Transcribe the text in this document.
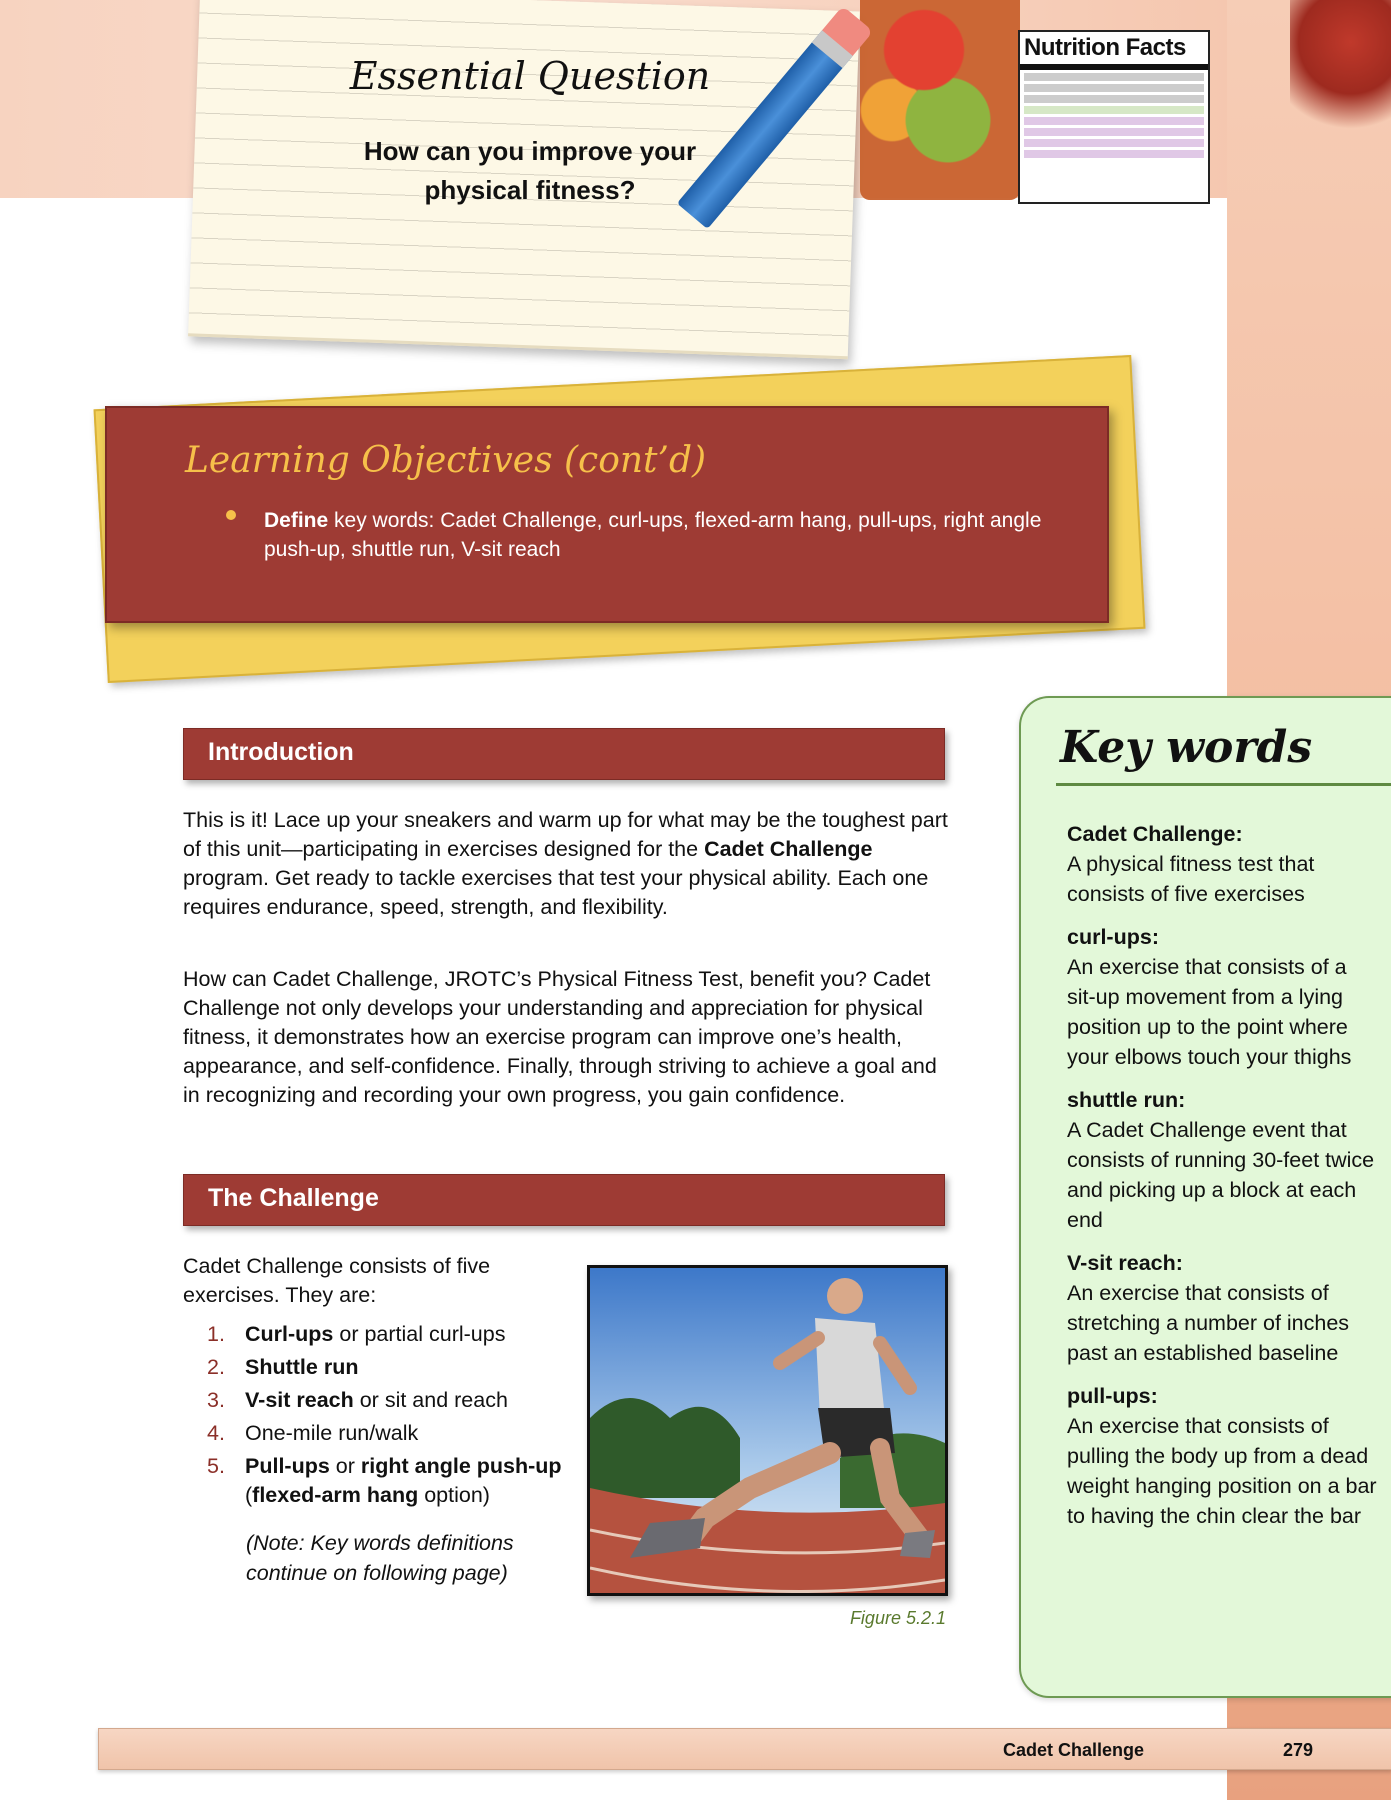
Essential Question
How can you improve your physical fitness?
Nutrition Facts
Learning Objectives (cont’d)
Define key words: Cadet Challenge, curl-ups, flexed-arm hang, pull-ups, right angle push-up, shuttle run, V-sit reach
Introduction

This is it! Lace up your sneakers and warm up for what may be the toughest part of this unit—participating in exercises designed for the Cadet Challenge program. Get ready to tackle exercises that test your physical ability. Each one requires endurance, speed, strength, and flexibility.

How can Cadet Challenge, JROTC’s Physical Fitness Test, benefit you? Cadet Challenge not only develops your understanding and appreciation for physical fitness, it demonstrates how an exercise program can improve one’s health, appearance, and self-confidence. Finally, through striving to achieve a goal and in recognizing and recording your own progress, you gain confidence.

The Challenge

Cadet Challenge consists of five exercises. They are:

1. Curl-ups or partial curl-ups
2. Shuttle run
3. V-sit reach or sit and reach
4. One-mile run/walk
5. Pull-ups or right angle push-up (flexed-arm hang option)
(Note: Key words definitions continue on following page)
Figure 5.2.1
Key words
Cadet Challenge:
A physical fitness test that consists of five exercises
curl-ups:
An exercise that consists of a sit-up movement from a lying position up to the point where your elbows touch your thighs
shuttle run:
A Cadet Challenge event that consists of running 30-feet twice and picking up a block at each end
V-sit reach:
An exercise that consists of stretching a number of inches past an established baseline
pull-ups:
An exercise that consists of pulling the body up from a dead weight hanging position on a bar to having the chin clear the bar
Cadet Challenge	279
